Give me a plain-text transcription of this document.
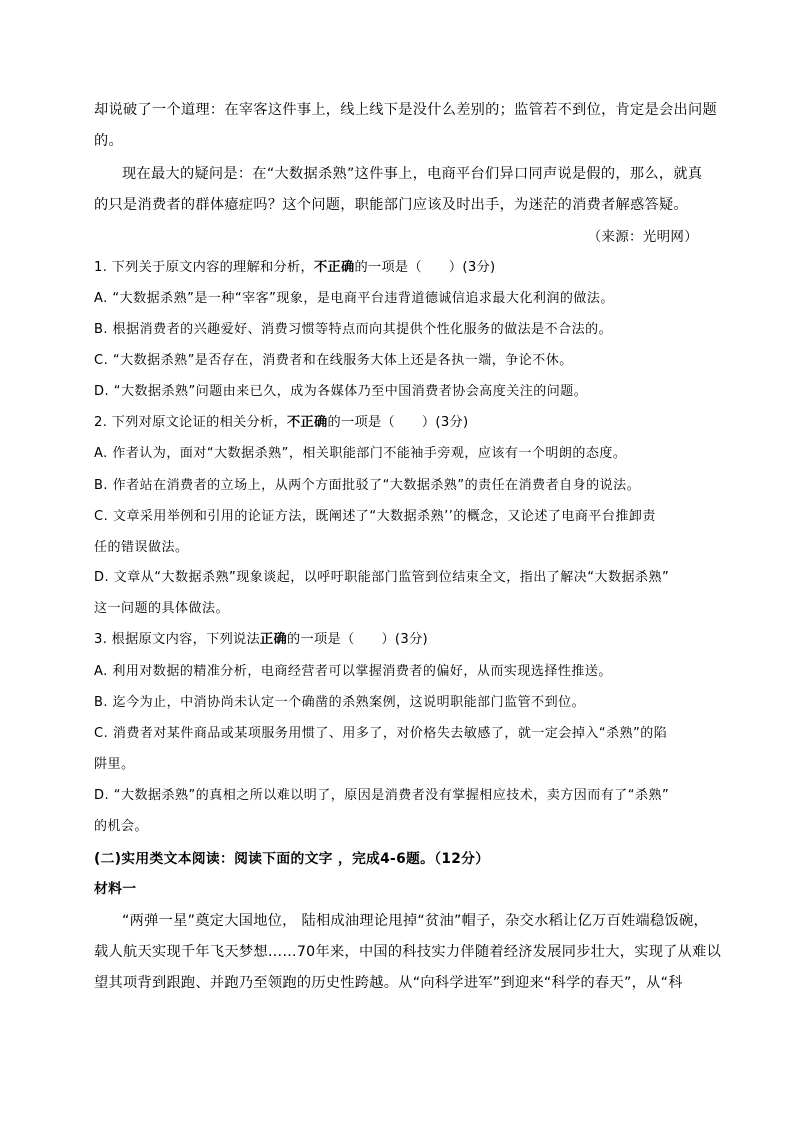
却说破了一个道理：在宰客这件事上，线上线下是没什么差别的；监管若不到位，肯定是会出问题
的。
现在最大的疑问是：在“大数据杀熟”这件事上，电商平台们异口同声说是假的，那么，就真
的只是消费者的群体癔症吗？这个问题，职能部门应该及时出手，为迷茫的消费者解惑答疑。
（来源：光明网）
1. 下列关于原文内容的理解和分析，不正确的一项是（　　）(3分)
A. “大数据杀熟”是一种“宰客”现象，是电商平台违背道德诚信追求最大化利润的做法。
B. 根据消费者的兴趣爱好、消费习惯等特点而向其提供个性化服务的做法是不合法的。
C. “大数据杀熟”是否存在，消费者和在线服务大体上还是各执一端，争论不休。
D. “大数据杀熟”问题由来已久，成为各媒体乃至中国消费者协会高度关注的问题。
2. 下列对原文论证的相关分析，不正确的一项是（　　）(3分)
A. 作者认为，面对“大数据杀熟”，相关职能部门不能袖手旁观，应该有一个明朗的态度。
B. 作者站在消费者的立场上，从两个方面批驳了“大数据杀熟”的责任在消费者自身的说法。
C. 文章采用举例和引用的论证方法，既阐述了“大数据杀熟’’的概念，又论述了电商平台推卸责
任的错误做法。
D. 文章从“大数据杀熟”现象谈起，以呼吁职能部门监管到位结束全文，指出了解决“大数据杀熟”
这一问题的具体做法。
3. 根据原文内容，下列说法正确的一项是（　　）(3分)
A. 利用对数据的精准分析，电商经营者可以掌握消费者的偏好，从而实现选择性推送。
B. 迄今为止，中消协尚未认定一个确凿的杀熟案例，这说明职能部门监管不到位。
C. 消费者对某件商品或某项服务用惯了、用多了，对价格失去敏感了，就一定会掉入“杀熟”的陷
阱里。
D. “大数据杀熟”的真相之所以难以明了，原因是消费者没有掌握相应技术，卖方因而有了“杀熟”
的机会。
(二)实用类文本阅读：阅读下面的文字 ，完成4-6题。（12分）
材料一
“两弹一星”奠定大国地位， 陆相成油理论甩掉“贫油”帽子，杂交水稻让亿万百姓端稳饭碗，
载人航天实现千年飞天梦想……70年来，中国的科技实力伴随着经济发展同步壮大，实现了从难以
望其项背到跟跑、并跑乃至领跑的历史性跨越。从“向科学进军”到迎来“科学的春天”，从“科
